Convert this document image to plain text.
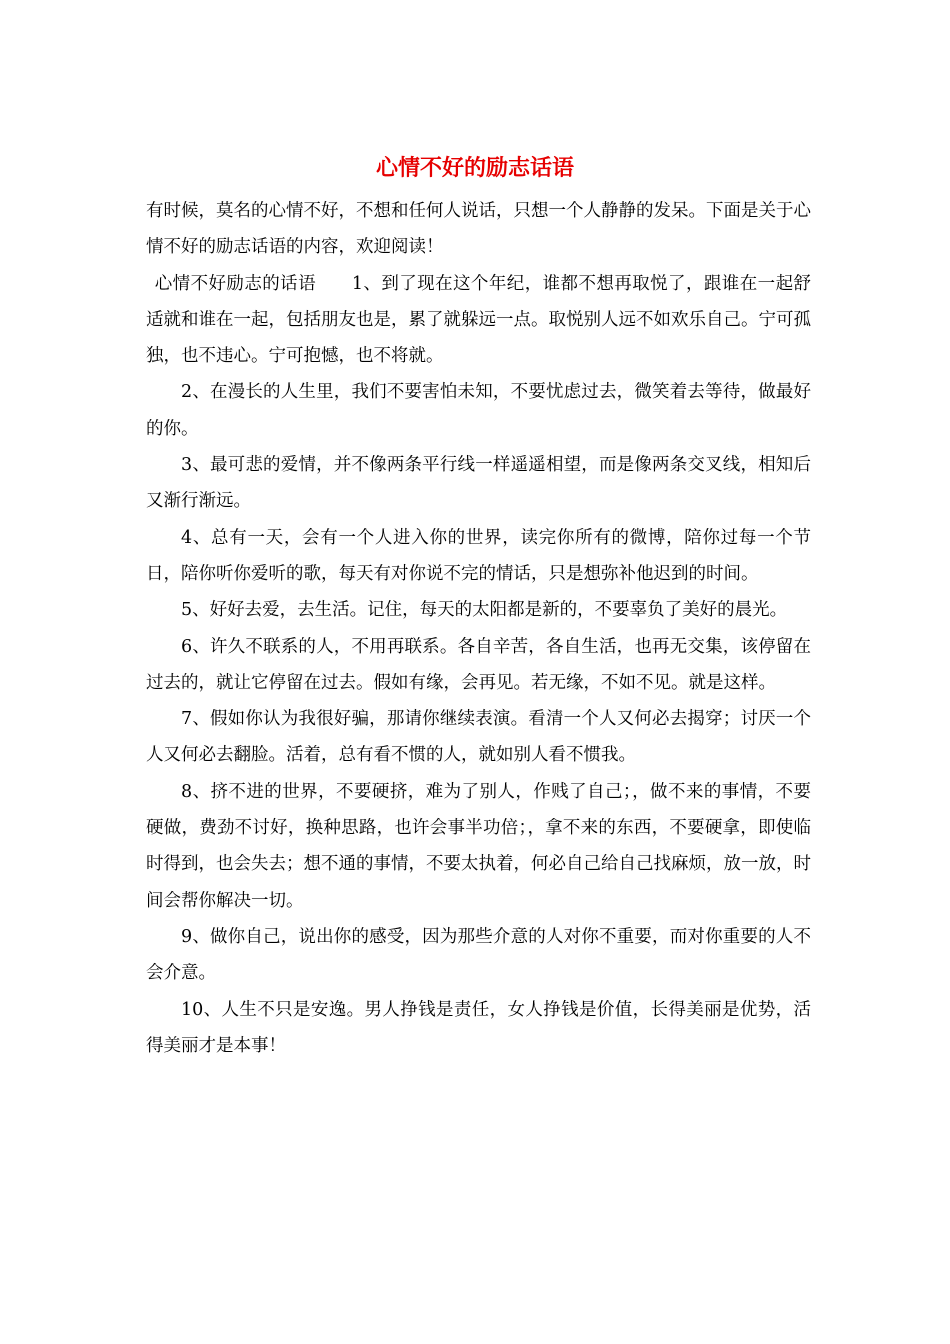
心情不好的励志话语

有时候，莫名的心情不好，不想和任何人说话，只想一个人静静的发呆。下面是关于心情不好的励志话语的内容，欢迎阅读！

心情不好励志的话语　　1、到了现在这个年纪，谁都不想再取悦了，跟谁在一起舒适就和谁在一起，包括朋友也是，累了就躲远一点。取悦别人远不如欢乐自己。宁可孤独，也不违心。宁可抱憾，也不将就。

2、在漫长的人生里，我们不要害怕未知，不要忧虑过去，微笑着去等待，做最好的你。

3、最可悲的爱情，并不像两条平行线一样遥遥相望，而是像两条交叉线，相知后又渐行渐远。

4、总有一天，会有一个人进入你的世界，读完你所有的微博，陪你过每一个节日，陪你听你爱听的歌，每天有对你说不完的情话，只是想弥补他迟到的时间。

5、好好去爱，去生活。记住，每天的太阳都是新的，不要辜负了美好的晨光。

6、许久不联系的人，不用再联系。各自辛苦，各自生活，也再无交集，该停留在过去的，就让它停留在过去。假如有缘，会再见。若无缘，不如不见。就是这样。

7、假如你认为我很好骗，那请你继续表演。看清一个人又何必去揭穿；讨厌一个人又何必去翻脸。活着，总有看不惯的人，就如别人看不惯我。

8、挤不进的世界，不要硬挤，难为了别人，作贱了自己；，做不来的事情，不要硬做，费劲不讨好，换种思路，也许会事半功倍；，拿不来的东西，不要硬拿，即使临时得到，也会失去；想不通的事情，不要太执着，何必自己给自己找麻烦，放一放，时间会帮你解决一切。

9、做你自己，说出你的感受，因为那些介意的人对你不重要，而对你重要的人不会介意。

10、人生不只是安逸。男人挣钱是责任，女人挣钱是价值，长得美丽是优势，活得美丽才是本事！
